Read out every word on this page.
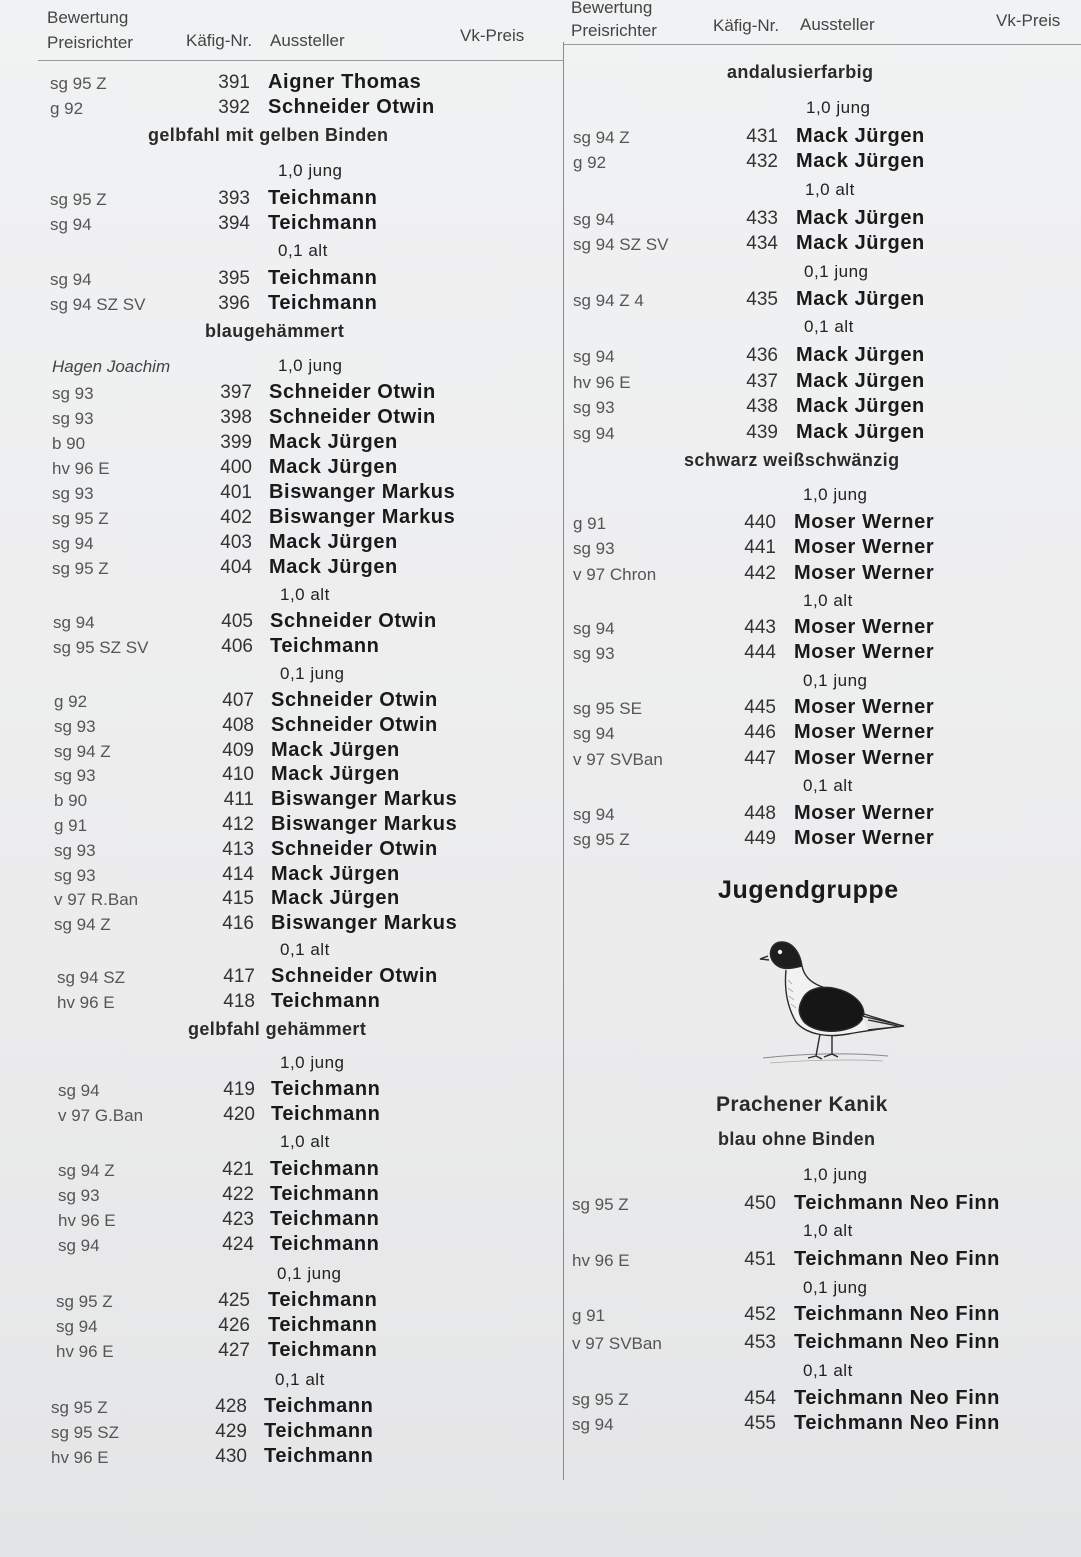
Bewertung
Preisrichter	Käfig-Nr. Aussteller	Vk-Preis
Bewertung
Preisrichter	Käfig-Nr. Aussteller	Vk-Preis
sg 95 Z	391 Aigner Thomas
g 92	392 Schneider Otwin
gelbfahl mit gelben Binden
1,0 jung
sg 95 Z	393 Teichmann
sg 94	394 Teichmann
0,1 alt
sg 94	395 Teichmann
sg 94 SZ SV	396 Teichmann
blaugehämmert
Hagen Joachim	1,0 jung
sg 93	397 Schneider Otwin
sg 93	398 Schneider Otwin
b 90	399 Mack Jürgen
hv 96 E	400 Mack Jürgen
sg 93	401 Biswanger Markus
sg 95 Z	402 Biswanger Markus
sg 94	403 Mack Jürgen
sg 95 Z	404 Mack Jürgen
1,0 alt
sg 94	405 Schneider Otwin
sg 95 SZ SV	406 Teichmann
0,1 jung
g 92	407 Schneider Otwin
sg 93	408 Schneider Otwin
sg 94 Z	409 Mack Jürgen
sg 93	410 Mack Jürgen
b 90	411 Biswanger Markus
g 91	412 Biswanger Markus
sg 93	413 Schneider Otwin
sg 93	414 Mack Jürgen
v 97 R.Ban	415 Mack Jürgen
sg 94 Z	416 Biswanger Markus
0,1 alt
sg 94 SZ	417 Schneider Otwin
hv 96 E	418 Teichmann
gelbfahl gehämmert
1,0 jung
sg 94	419 Teichmann
v 97 G.Ban	420 Teichmann
1,0 alt
sg 94 Z	421 Teichmann
sg 93	422 Teichmann
hv 96 E	423 Teichmann
sg 94	424 Teichmann
0,1 jung
sg 95 Z	425 Teichmann
sg 94	426 Teichmann
hv 96 E	427 Teichmann
0,1 alt
sg 95 Z	428 Teichmann
sg 95 SZ	429 Teichmann
hv 96 E	430 Teichmann
andalusierfarbig
1,0 jung
sg 94 Z	431 Mack Jürgen
g 92	432 Mack Jürgen
1,0 alt
sg 94	433 Mack Jürgen
sg 94 SZ SV	434 Mack Jürgen
0,1 jung
sg 94 Z 4	435 Mack Jürgen
0,1 alt
sg 94	436 Mack Jürgen
hv 96 E	437 Mack Jürgen
sg 93	438 Mack Jürgen
sg 94	439 Mack Jürgen
schwarz weißschwänzig
1,0 jung
g 91	440 Moser Werner
sg 93	441 Moser Werner
v 97 Chron	442 Moser Werner
1,0 alt
sg 94	443 Moser Werner
sg 93	444 Moser Werner
0,1 jung
sg 95 SE	445 Moser Werner
sg 94	446 Moser Werner
v 97 SVBan	447 Moser Werner
0,1 alt
sg 94	448 Moser Werner
sg 95 Z	449 Moser Werner
Jugendgruppe
Prachener Kanik
blau ohne Binden
1,0 jung
sg 95 Z	450 Teichmann Neo Finn
1,0 alt
hv 96 E	451 Teichmann Neo Finn
0,1 jung
g 91	452 Teichmann Neo Finn
v 97 SVBan	453 Teichmann Neo Finn
0,1 alt
sg 95 Z	454 Teichmann Neo Finn
sg 94	455 Teichmann Neo Finn
